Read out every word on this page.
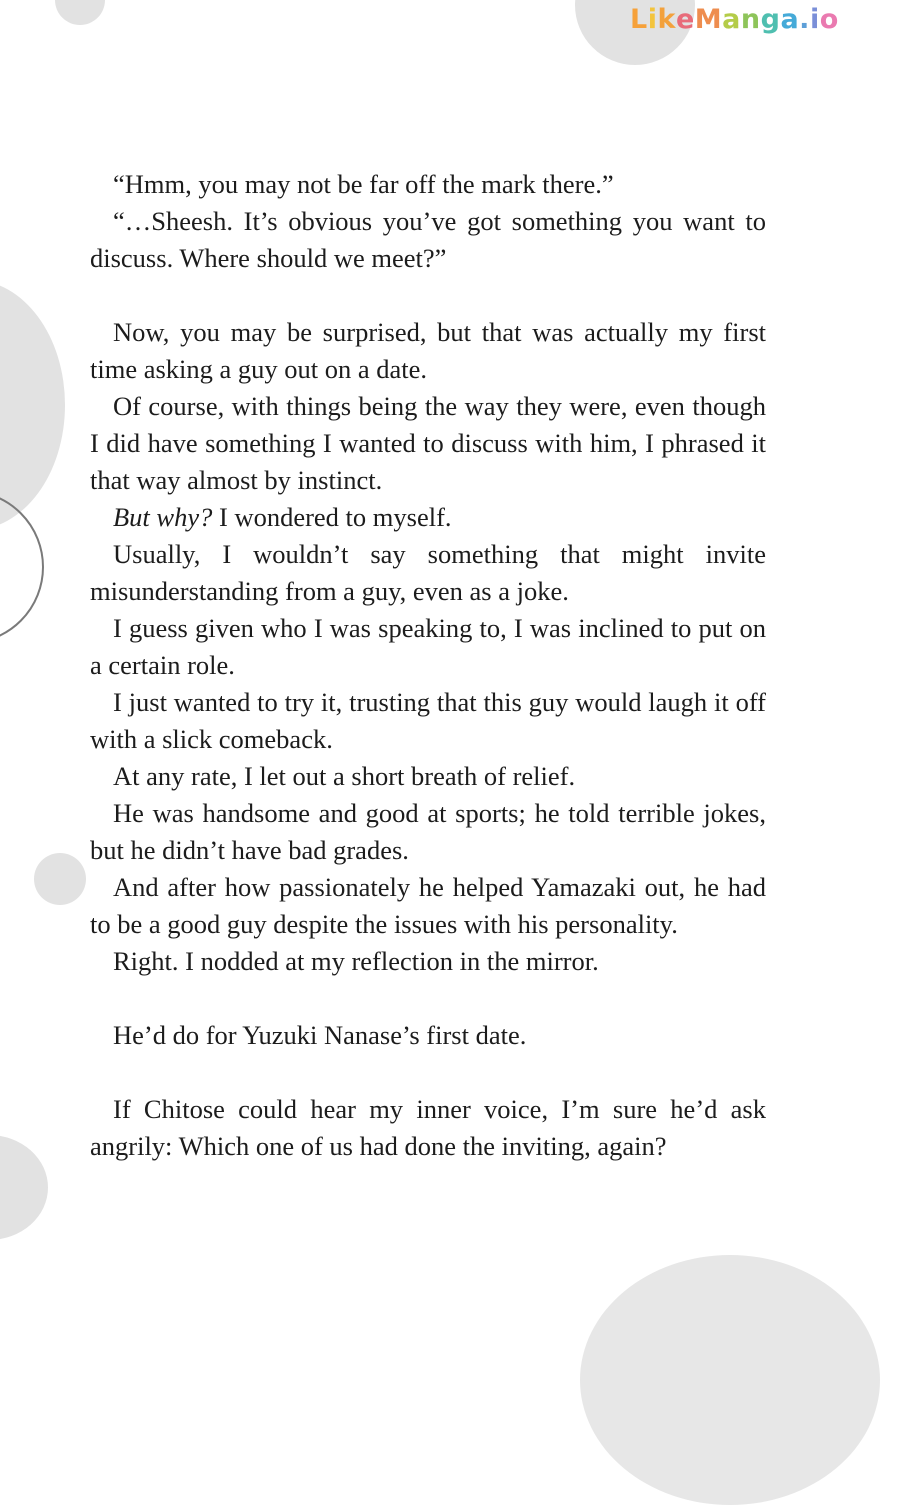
LikeManga.io

“Hmm, you may not be far off the mark there.”

“…Sheesh. It’s obvious you’ve got something you want to discuss. Where should we meet?”

Now, you may be surprised, but that was actually my first time asking a guy out on a date.

Of course, with things being the way they were, even though I did have something I wanted to discuss with him, I phrased it that way almost by instinct.

But why? I wondered to myself.

Usually, I wouldn’t say something that might invite misunderstanding from a guy, even as a joke.

I guess given who I was speaking to, I was inclined to put on a certain role.

I just wanted to try it, trusting that this guy would laugh it off with a slick comeback.

At any rate, I let out a short breath of relief.

He was handsome and good at sports; he told terrible jokes, but he didn’t have bad grades.

And after how passionately he helped Yamazaki out, he had to be a good guy despite the issues with his personality.

Right. I nodded at my reflection in the mirror.

He’d do for Yuzuki Nanase’s first date.

If Chitose could hear my inner voice, I’m sure he’d ask angrily: Which one of us had done the inviting, again?
